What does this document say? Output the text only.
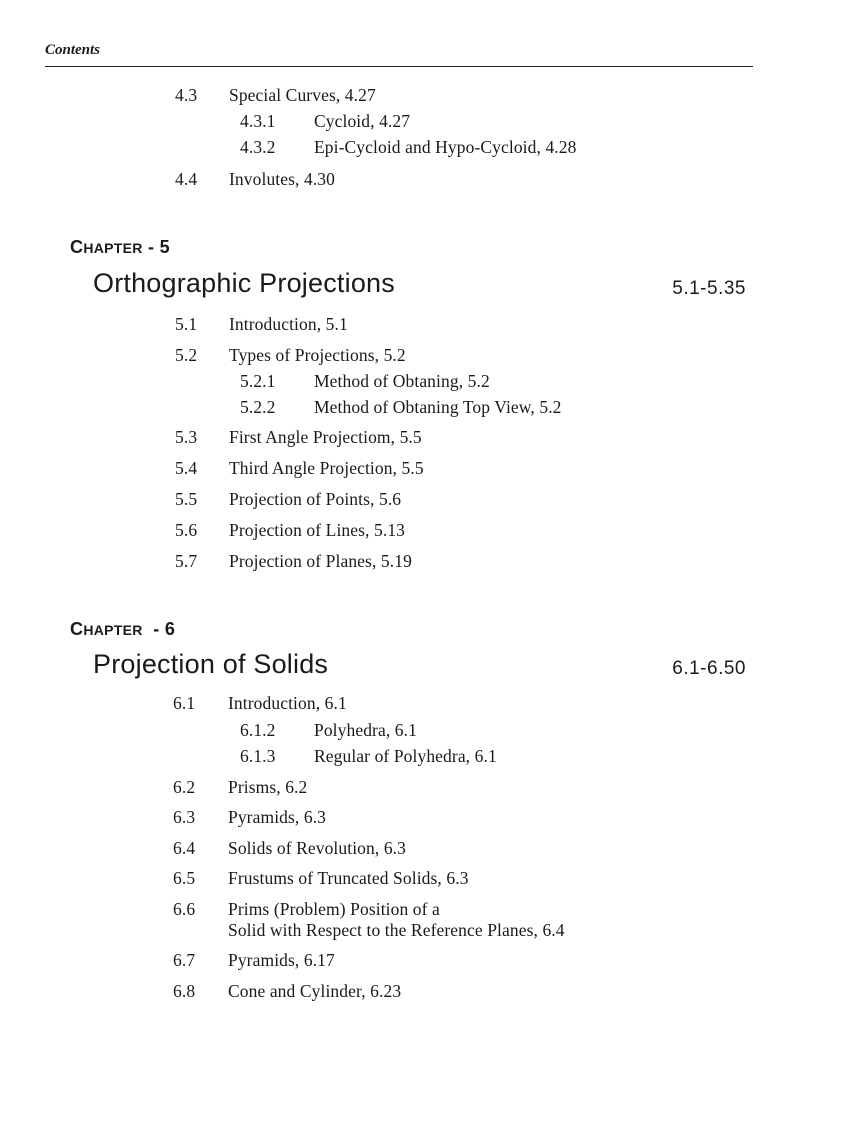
Contents
4.3 Special Curves, 4.27
4.3.1 Cycloid, 4.27
4.3.2 Epi-Cycloid and Hypo-Cycloid, 4.28
4.4 Involutes, 4.30
CHAPTER - 5
Orthographic Projections	5.1-5.35
5.1 Introduction, 5.1
5.2 Types of Projections, 5.2
5.2.1 Method of Obtaning, 5.2
5.2.2 Method of Obtaning Top View, 5.2
5.3 First Angle Projectiom, 5.5
5.4 Third Angle Projection, 5.5
5.5 Projection of Points, 5.6
5.6 Projection of Lines, 5.13
5.7 Projection of Planes, 5.19
CHAPTER - 6
Projection of Solids	6.1-6.50
6.1 Introduction, 6.1
6.1.2 Polyhedra, 6.1
6.1.3 Regular of Polyhedra, 6.1
6.2 Prisms, 6.2
6.3 Pyramids, 6.3
6.4 Solids of Revolution, 6.3
6.5 Frustums of Truncated Solids, 6.3
6.6 Prims (Problem) Position of a
Solid with Respect to the Reference Planes, 6.4
6.7 Pyramids, 6.17
6.8 Cone and Cylinder, 6.23
